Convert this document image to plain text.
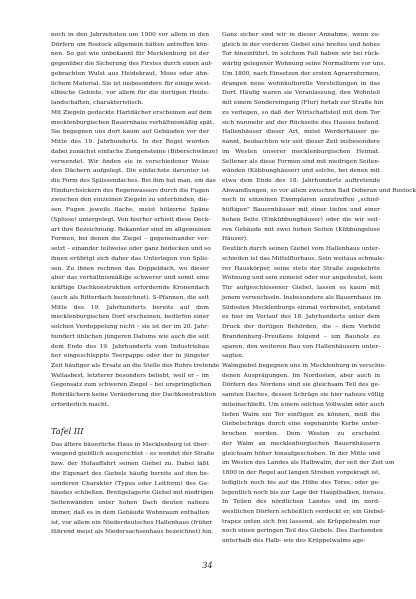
noch in den Jahrzehnten um 1900 vor allem in den
Dörfern um Rostock allgemein hätten antreffen kön-
nen. So gut wie unbekannt für Mecklenburg ist der
gegenüber die Sicherung des Firstes durch einen auf-
gebrachten Wulst aus Heidekraut, Moos oder ähn-
lichem Material. Sie ist insbesondere für einige west-
elbische Gebiete, vor allem für die dortigen Heide-
landschaften, charakteristisch.
Mit Ziegeln gedeckte Hartdächer erscheinen auf dem
mecklenburgischen Bauernhaus verhältnismäßig spät.
Sie begegnen uns dort kaum auf Gebäuden vor der
Mitte des 19. Jahrhunderts. In der Regel wurden
dabei zunächst einfache Zungensteine (Biberschwänze)
verwendet. Wir finden sie in verschiedener Weise
den Dächern aufgelegt. Die einfachste darunter ist
die Form des Splissendaches. Bei ihm hat man, um das
Hindurchsickern des Regenwassers durch die Fugen
zwischen den einzelnen Ziegeln zu unterbinden, die-
sen Fugen jeweils flache, meist hölzerne Späne
(Splisse) untergelegt. Von hierher erhielt diese Deck-
art ihre Bezeichnung. Bekannter sind im allgemeinen
Formen, bei denen die Ziegel – gegeneinander ver-
setzt – einander teilweise oder ganz bedecken und so
ihnen erübrigt sich daher das Unterlegen von Splis-
sen. Zu ihnen rechnen das Doppeldach, wo dieser
aber das verhältnismäßige schwerer und somit eine
kräftige Dachkonstruktion erfordernde Kronendach
(auch als Ritterdach bezeichnet). S-Pfannen, die seit
Mitte des 19. Jahrhunderts bereits auf dem
mecklenburgischen Dorf erscheinen, bedürfen einer
solchen Verdoppelung nicht – sie ist der im 20. Jahr-
hundert üblichen jüngeren Datums wie auch die seit
dem Ende des 19. Jahrhunderts vom Industriebau
her eingeschleppte Teerpappe oder der in jüngster
Zeit häufiger als Ersatz an die Stelle des Rohrs tretende
Wellasbest, letzterer besonders beliebt, weil er – im
Gegensatz zum schweren Ziegel – bei ursprünglichen
Rohrdächern keine Veränderung der Dachkonstruktion
erforderlich macht.
Tafel III
Das ältere bäuerliche Haus in Mecklenburg ist über-
wiegend giebllich ausgerichtet – es wendet der Straße
bzw. der Hofauffahrt seinen Giebel zu. Dabei läßt
die Eigenart des Giebels häufig bereits auf den be-
sonderen Charakter (Typus oder Leitform) des Ge-
bäudes schließen. Breitgelagerte Giebel mit niedrigen
Seitenwänden unter hohen Dach deuten nahezu
immer, daß es in dem Gebäude Wohnraum enthalten
ist, vor allem ein Niederdeutsches Hallenhaus (früher
führend meist als Niedersachsenhaus bezeichnet) hin.
Ganz sicher sind wir in dieser Annahme, wenn zu-
gleich in der vorderen Giebel eins breites und hohes
Tor hineinführt. In solchem Fall haben wir bei rück-
wärtig gelegener Wohnung seine Normalform vor uns.
Um 1800, nach Einsetzen der ersten Agrarreformen,
drangen neue wohnkulturelle Vorstellungen in das
Dorf. Häufig waren sie Veranlassung, den Wohnteil
mit einem Sondereingang (Flur) fortab zur Straße hin
zu verlegen, so daß der Wirtschaftsteil mit dem Tor
sich nunmehr auf der Rückseite des Hauses befand.
Hallenhäuser dieser Art, meist Werderhäuser ge-
nannt, beobachten wir seit dieser Zeit insbesondere
im Westen unserer mecklenburgischen Heimat.
Seltener als diese Formen sind mit niedrigen Seiten-
wänden (Kübbunghäuser) und solche, bei denen mit
etwa dem Ende des 18. Jahrhunderts auftretende
Abwandlungen, so vor allem zwischen Bad Doberan und Rostock
noch in einzelnen Exemplaren anzutreffen „schief-
hüftigen" Bauernhäuser mit einer tiefen und einer
hohen Seite (Einkübbunghäuser) oder die wir seit-
ren Gebäude mit zwei hohen Seiten (Kübbungslose
Häuser).
Deutlich durch seinen Giebel vom Hallenhaus unter-
schieden ist das Mittelflurhaus. Sein weitaus schmale-
rer Hauskörper, seine stets der Straße zugekehrte
Wohnung und sein zumeist oder nur angedeutet, kein
Tür aufgeschlossener Giebel, lassen es kaum mit
jenem verwechseln. Insbesondere als Bauernhaus im
Südosten Mecklenburgs einmal verbreitet, entstand
es hier im Verlauf des 18. Jahrhunderts unter dem
Druck der dortigen Behörden, die – dem Vorbild
Brandenburg–Preußens folgend – um Bauholz zu
sparen, den weiteren Bau von Hallenhäusern unter-
sagten.
Walmgiebel begegnen uns in Mecklenburg in verschie-
denen Ausprägungen. Im Nordosten, aber auch in
Dörfern des Nordens sind sie gleichsam Teil des ge-
samten Daches, dessen Schräge sie hier nahezu völlig
miteinschließt. Um einem solchen Vollwalm oder auch
tiefen Walm ein Tor einfügen zu können, muß die
Giebelschräge durch eine sogenannte Kerbe unter-
brochen werden. Dem Westen zu erscheint
der Walm an mecklenburgischen Bauernhäusern
gleichsam höher hinaufgeschoben. In der Mitte und
im Westen des Landes als Halbwalm, der seit der Zeit um
1800 in der Regel auf langen Streben vorgekragt ist,
lediglich noch bis auf die Höhe des Tores, oder ge-
legentlich noch bis zur Lage der Hauptbalken, heraus.
In Teilen des nördlichen Landes und im nord-
westlichen Dörfern schließlich verdeckt er, ein Giebel-
trapez unten sich frei lassend, als Krüppelwalm nur
noch einen geringen Teil des Giebels. Des Dachenden
unterhalb des Halb- wie des Krüppelwalms age-
34
